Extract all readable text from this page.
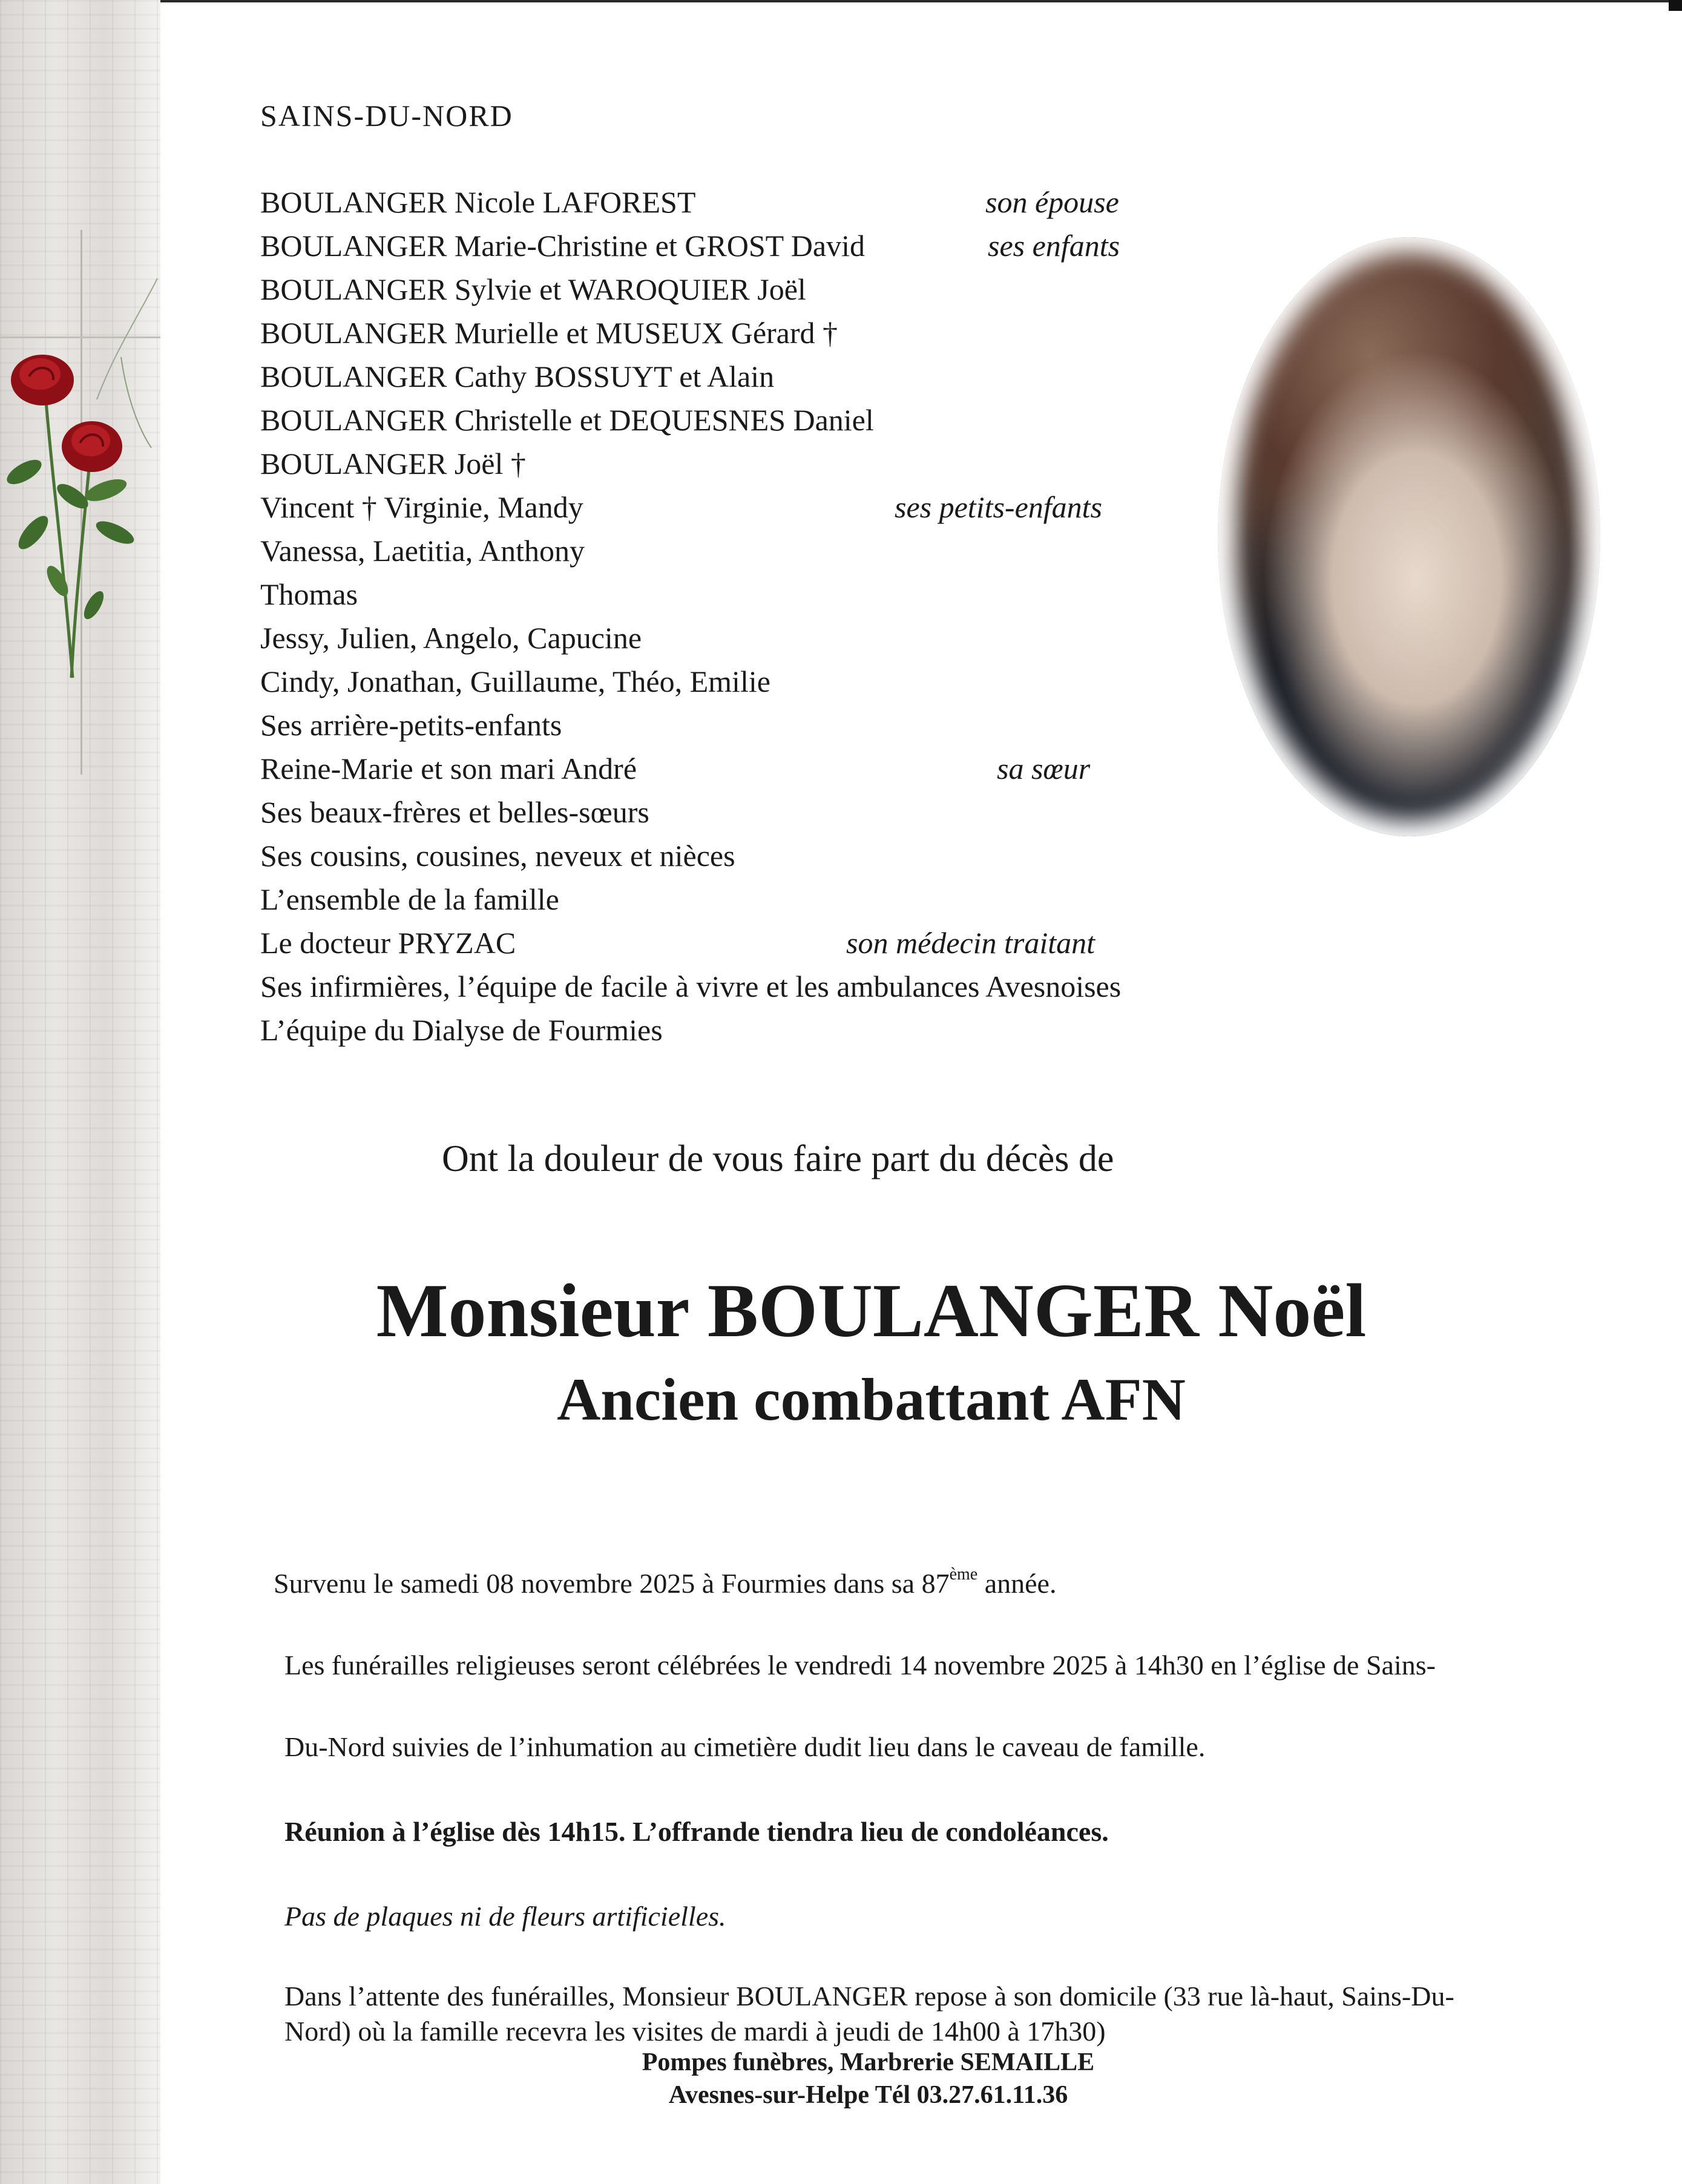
SAINS-DU-NORD
BOULANGER Nicole LAFOREST	son épouse
BOULANGER Marie-Christine et GROST David	ses enfants
BOULANGER Sylvie et WAROQUIER Joël
BOULANGER Murielle et MUSEUX Gérard †
BOULANGER Cathy BOSSUYT et Alain
BOULANGER Christelle et DEQUESNES Daniel
BOULANGER Joël †
Vincent † Virginie, Mandy	ses petits-enfants
Vanessa, Laetitia, Anthony
Thomas
Jessy, Julien, Angelo, Capucine
Cindy, Jonathan, Guillaume, Théo, Emilie
Ses arrière-petits-enfants
Reine-Marie et son mari André	sa sœur
Ses beaux-frères et belles-sœurs
Ses cousins, cousines, neveux et nièces
L’ensemble de la famille
Le docteur PRYZAC	son médecin traitant
Ses infirmières, l’équipe de facile à vivre et les ambulances Avesnoises
L’équipe du Dialyse de Fourmies
Ont la douleur de vous faire part du décès de
Monsieur BOULANGER Noël
Ancien combattant AFN
Survenu le samedi 08 novembre 2025 à Fourmies dans sa 87ème année.
Les funérailles religieuses seront célébrées le vendredi 14 novembre 2025 à 14h30 en l’église de Sains-
Du-Nord suivies de l’inhumation au cimetière dudit lieu dans le caveau de famille.
Réunion à l’église dès 14h15. L’offrande tiendra lieu de condoléances.
Pas de plaques ni de fleurs artificielles.
Dans l’attente des funérailles, Monsieur BOULANGER repose à son domicile (33 rue là-haut, Sains-Du-
Nord) où la famille recevra les visites de mardi à jeudi de 14h00 à 17h30)
Pompes funèbres, Marbrerie SEMAILLE
Avesnes-sur-Helpe Tél 03.27.61.11.36
